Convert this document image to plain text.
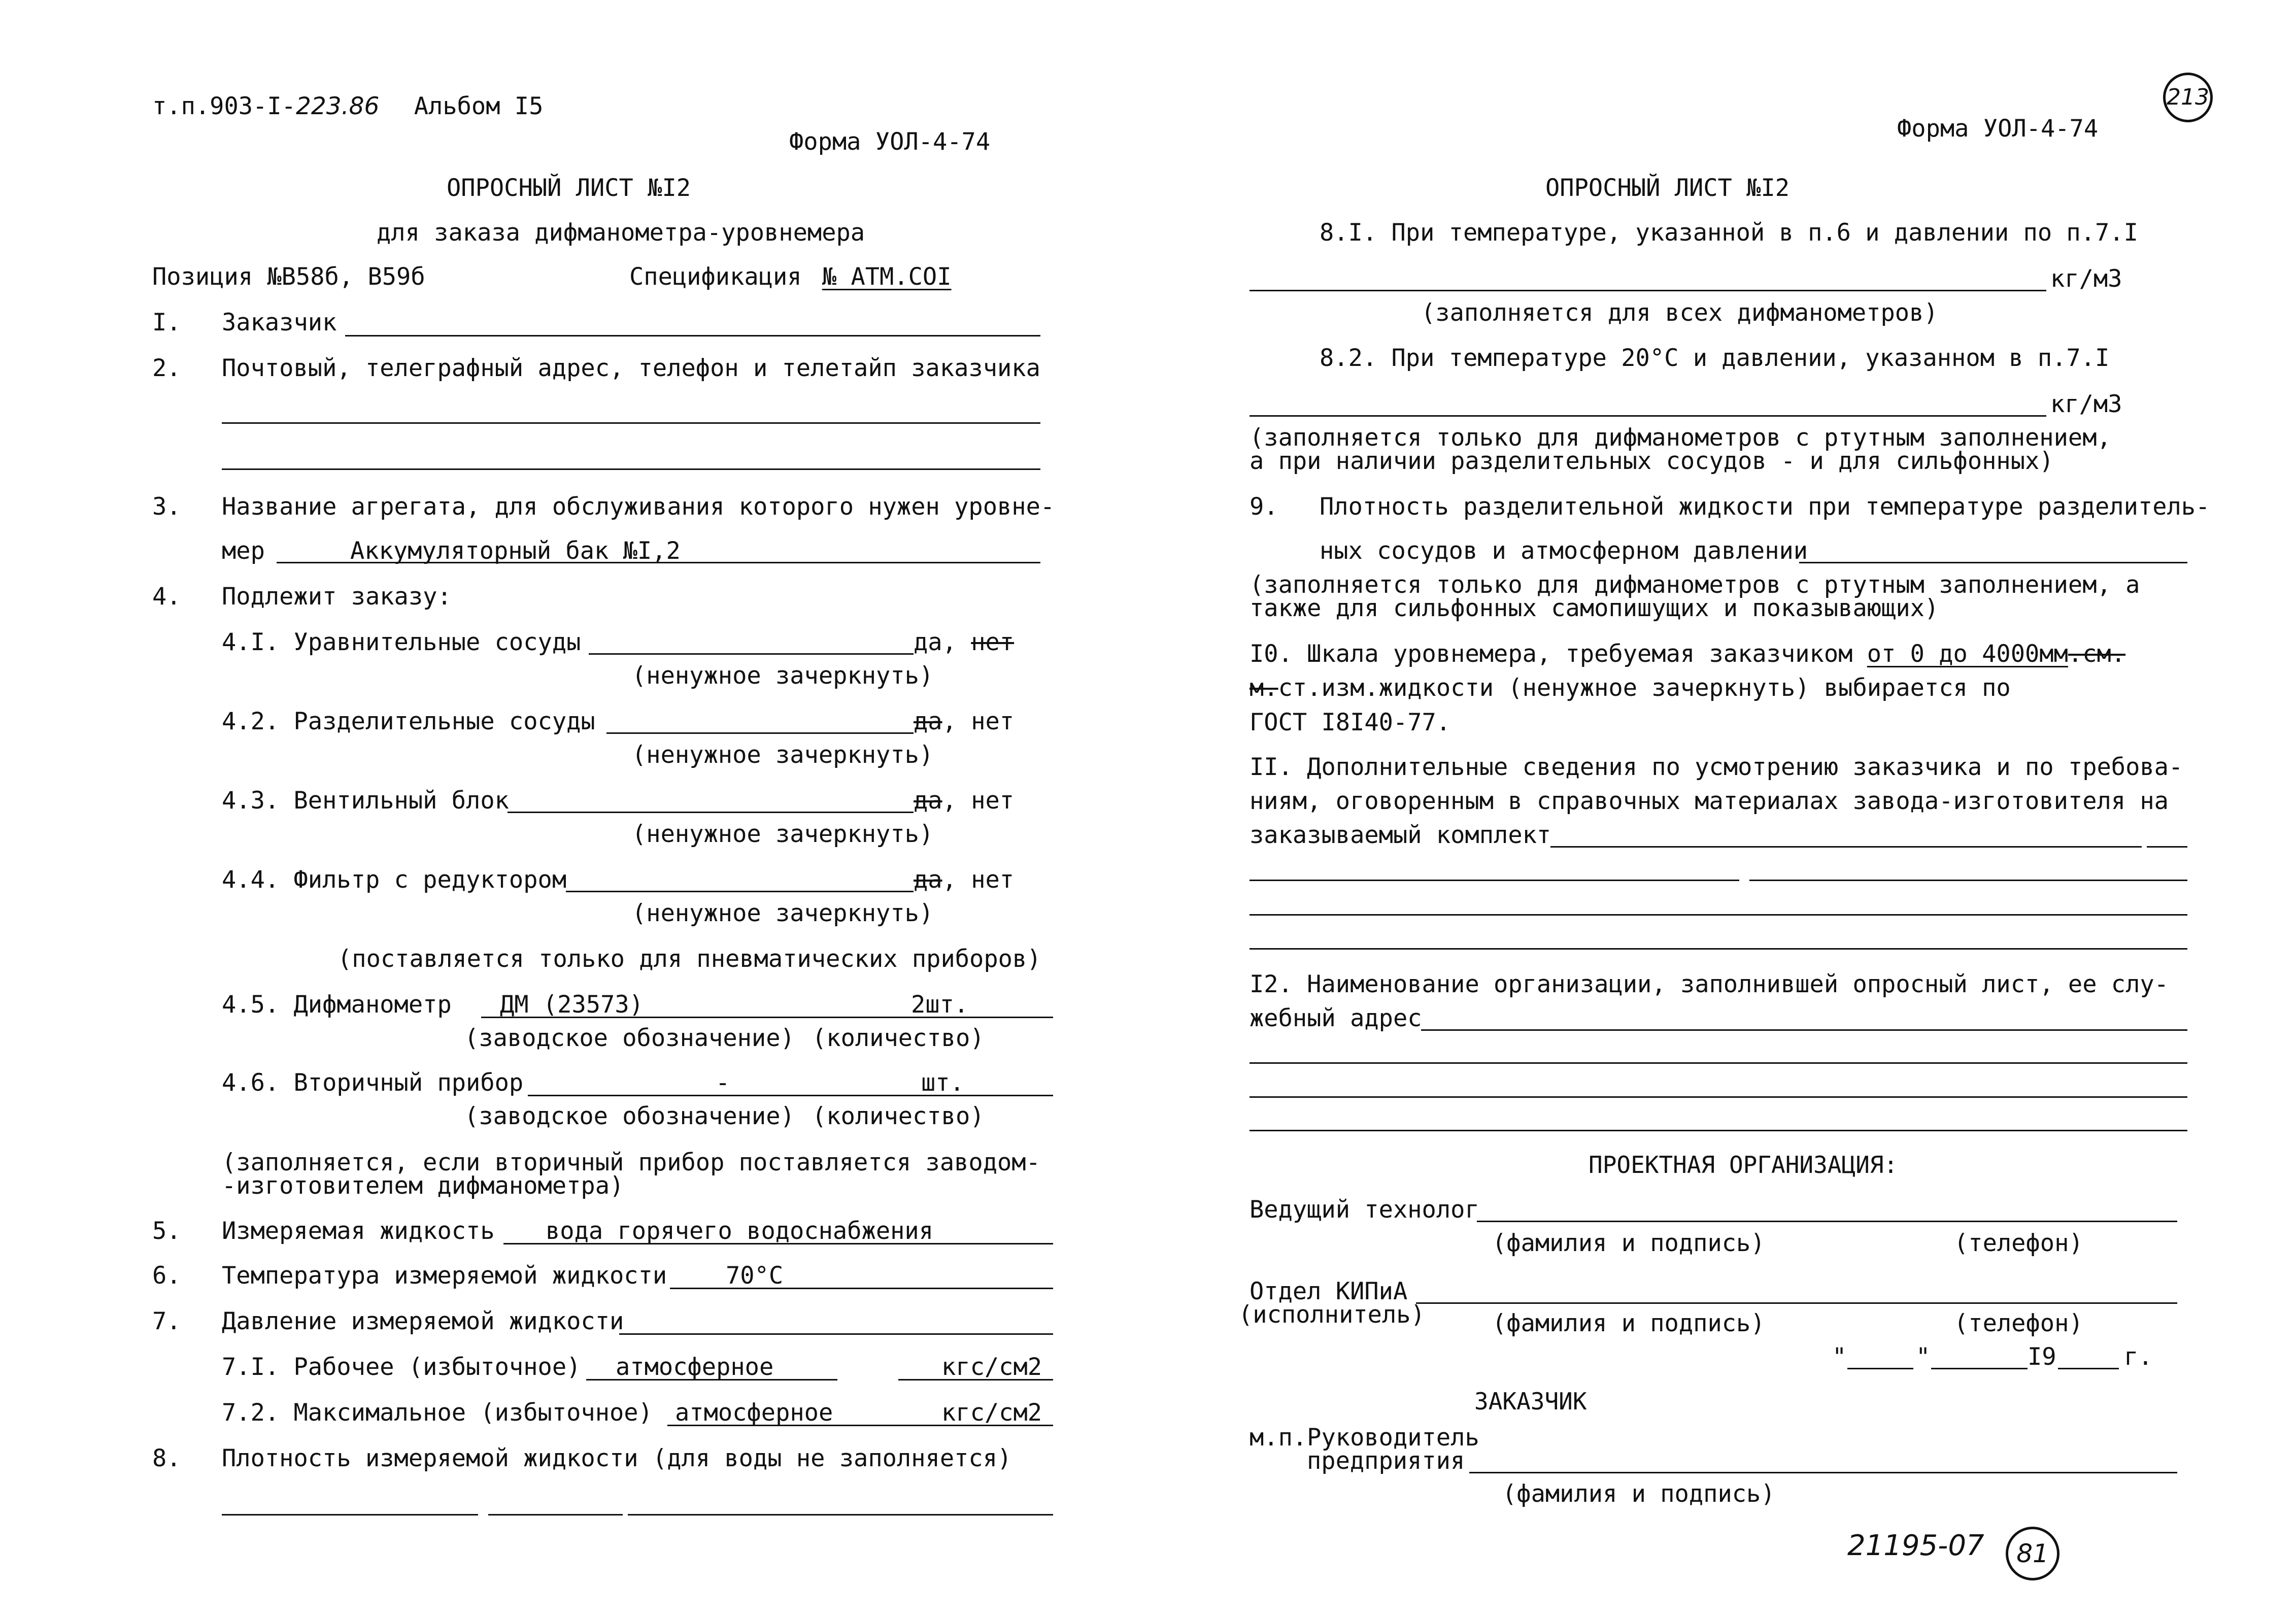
т.п.903-I-223.86 Альбом I5
Форма УОЛ-4-74
ОПРОСНЫЙ ЛИСТ №I2
для заказа дифманометра-уровнемера
Позиция №В58б, В59б	Спецификация № АТМ.СОI
I. Заказчик
2. Почтовый, телеграфный адрес, телефон и телетайп заказчика
3. Название агрегата, для обслуживания которого нужен уровне-
мер	Аккумуляторный бак №I,2
4. Подлежит заказу:
4.I. Уравнительные сосуды	да, нет
(ненужное зачеркнуть)
4.2. Разделительные сосуды	да, нет
(ненужное зачеркнуть)
4.3. Вентильный блок	да, нет
(ненужное зачеркнуть)
4.4. Фильтр с редуктором	да, нет
(ненужное зачеркнуть)
(поставляется только для пневматических приборов)
4.5. Дифманометр ДМ (23573)	2шт.
(заводское обозначение) (количество)
4.6. Вторичный прибор	-	шт.
(заводское обозначение) (количество)
(заполняется, если вторичный прибор поставляется заводом-
-изготовителем дифманометра)
5. Измеряемая жидкость вода горячего водоснабжения
6. Температура измеряемой жидкости 70°С
7. Давление измеряемой жидкости
7.I. Рабочее (избыточное) атмосферное	кгс/см2
7.2. Максимальное (избыточное) атмосферное	кгс/см2
8. Плотность измеряемой жидкости (для воды не заполняется)
213
Форма УОЛ-4-74
ОПРОСНЫЙ ЛИСТ №I2
8.I. При температуре, указанной в п.6 и давлении по п.7.I
кг/м3
(заполняется для всех дифманометров)
8.2. При температуре 20°С и давлении, указанном в п.7.I
кг/м3
(заполняется только для дифманометров с ртутным заполнением,
а при наличии разделительных сосудов - и для сильфонных)
9. Плотность разделительной жидкости при температуре разделитель-
ных сосудов и атмосферном давлении
(заполняется только для дифманометров с ртутным заполнением, а
также для сильфонных самопишущих и показывающих)
I0. Шкала уровнемера, требуемая заказчиком от 0 до 4000мм.см.
м.ст.изм.жидкости (ненужное зачеркнуть) выбирается по
ГОСТ I8I40-77.
II. Дополнительные сведения по усмотрению заказчика и по требова-
ниям, оговоренным в справочных материалах завода-изготовителя на
заказываемый комплект
I2. Наименование организации, заполнившей опросный лист, ее слу-
жебный адрес
ПРОЕКТНАЯ ОРГАНИЗАЦИЯ:
Ведущий технолог
(фамилия и подпись)	(телефон)
Отдел КИПиА
(исполнитель)	(фамилия и подпись)	(телефон)
"	"	I9	г.
ЗАКАЗЧИК
м.п.Руководитель
предприятия
(фамилия и подпись)
21195-07 81
